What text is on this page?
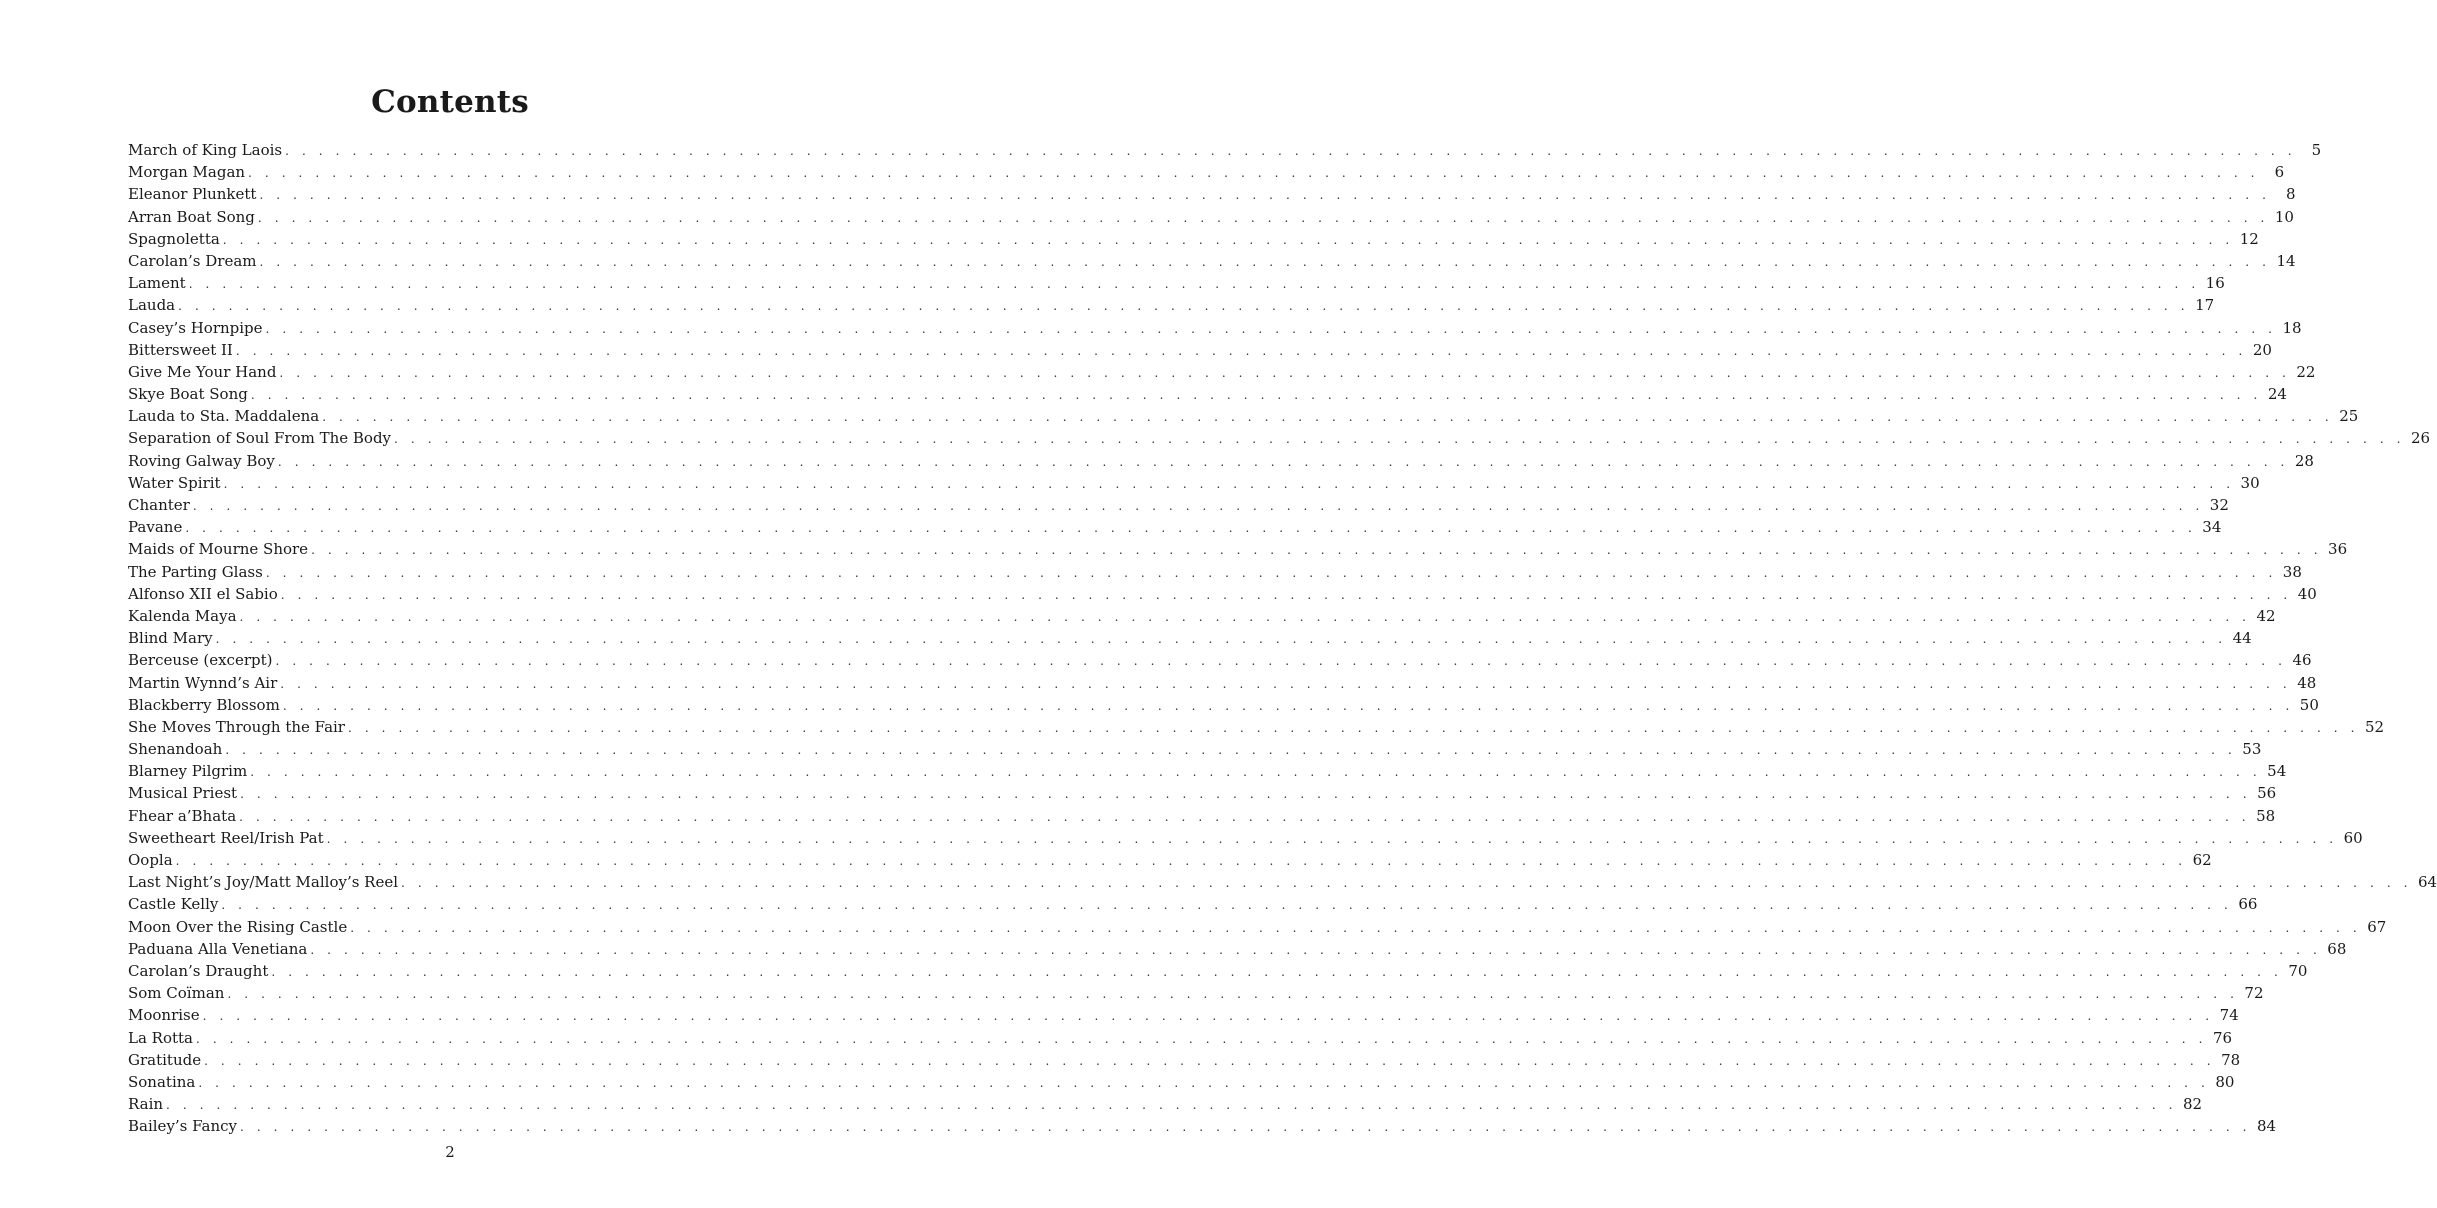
Contents
March of King Laois . . . . . . . . . . . . . . . . . . . . . . . . . . . . . . . . . . . . . . . . . . . . . . . . . . . . . . . . . . . . . . . . . . . . . . . . . . . . . . . . . . . . . . . . . . . . . . . . . . . . . . . . . . . . . . . . . . . . . . . .	5
Morgan Magan . . . . . . . . . . . . . . . . . . . . . . . . . . . . . . . . . . . . . . . . . . . . . . . . . . . . . . . . . . . . . . . . . . . . . . . . . . . . . . . . . . . . . . . . . . . . . . . . . . . . . . . . . . . . . . . . . . . . . . . .	6
Eleanor Plunkett . . . . . . . . . . . . . . . . . . . . . . . . . . . . . . . . . . . . . . . . . . . . . . . . . . . . . . . . . . . . . . . . . . . . . . . . . . . . . . . . . . . . . . . . . . . . . . . . . . . . . . . . . . . . . . . . . . . . . . . .	8
Arran Boat Song . . . . . . . . . . . . . . . . . . . . . . . . . . . . . . . . . . . . . . . . . . . . . . . . . . . . . . . . . . . . . . . . . . . . . . . . . . . . . . . . . . . . . . . . . . . . . . . . . . . . . . . . . . . . . . . . . . . . . . . . 10
Spagnoletta . . . . . . . . . . . . . . . . . . . . . . . . . . . . . . . . . . . . . . . . . . . . . . . . . . . . . . . . . . . . . . . . . . . . . . . . . . . . . . . . . . . . . . . . . . . . . . . . . . . . . . . . . . . . . . . . . . . . . . . . 12
Carolan’s Dream . . . . . . . . . . . . . . . . . . . . . . . . . . . . . . . . . . . . . . . . . . . . . . . . . . . . . . . . . . . . . . . . . . . . . . . . . . . . . . . . . . . . . . . . . . . . . . . . . . . . . . . . . . . . . . . . . . . . . . . . 14
Lament . . . . . . . . . . . . . . . . . . . . . . . . . . . . . . . . . . . . . . . . . . . . . . . . . . . . . . . . . . . . . . . . . . . . . . . . . . . . . . . . . . . . . . . . . . . . . . . . . . . . . . . . . . . . . . . . . . . . . . . . 16
Lauda . . . . . . . . . . . . . . . . . . . . . . . . . . . . . . . . . . . . . . . . . . . . . . . . . . . . . . . . . . . . . . . . . . . . . . . . . . . . . . . . . . . . . . . . . . . . . . . . . . . . . . . . . . . . . . . . . . . . . . . . 17
Casey’s Hornpipe . . . . . . . . . . . . . . . . . . . . . . . . . . . . . . . . . . . . . . . . . . . . . . . . . . . . . . . . . . . . . . . . . . . . . . . . . . . . . . . . . . . . . . . . . . . . . . . . . . . . . . . . . . . . . . . . . . . . . . . . 18
Bittersweet II . . . . . . . . . . . . . . . . . . . . . . . . . . . . . . . . . . . . . . . . . . . . . . . . . . . . . . . . . . . . . . . . . . . . . . . . . . . . . . . . . . . . . . . . . . . . . . . . . . . . . . . . . . . . . . . . . . . . . . . . 20
Give Me Your Hand . . . . . . . . . . . . . . . . . . . . . . . . . . . . . . . . . . . . . . . . . . . . . . . . . . . . . . . . . . . . . . . . . . . . . . . . . . . . . . . . . . . . . . . . . . . . . . . . . . . . . . . . . . . . . . . . . . . . . . . . 22
Skye Boat Song . . . . . . . . . . . . . . . . . . . . . . . . . . . . . . . . . . . . . . . . . . . . . . . . . . . . . . . . . . . . . . . . . . . . . . . . . . . . . . . . . . . . . . . . . . . . . . . . . . . . . . . . . . . . . . . . . . . . . . . . 24
Lauda to Sta. Maddalena . . . . . . . . . . . . . . . . . . . . . . . . . . . . . . . . . . . . . . . . . . . . . . . . . . . . . . . . . . . . . . . . . . . . . . . . . . . . . . . . . . . . . . . . . . . . . . . . . . . . . . . . . . . . . . . . . . . . . . . . 25
Separation of Soul From The Body . . . . . . . . . . . . . . . . . . . . . . . . . . . . . . . . . . . . . . . . . . . . . . . . . . . . . . . . . . . . . . . . . . . . . . . . . . . . . . . . . . . . . . . . . . . . . . . . . . . . . . . . . . . . . . . . . . . . . . . . 26
Roving Galway Boy . . . . . . . . . . . . . . . . . . . . . . . . . . . . . . . . . . . . . . . . . . . . . . . . . . . . . . . . . . . . . . . . . . . . . . . . . . . . . . . . . . . . . . . . . . . . . . . . . . . . . . . . . . . . . . . . . . . . . . . . 28
Water Spirit . . . . . . . . . . . . . . . . . . . . . . . . . . . . . . . . . . . . . . . . . . . . . . . . . . . . . . . . . . . . . . . . . . . . . . . . . . . . . . . . . . . . . . . . . . . . . . . . . . . . . . . . . . . . . . . . . . . . . . . . 30
Chanter . . . . . . . . . . . . . . . . . . . . . . . . . . . . . . . . . . . . . . . . . . . . . . . . . . . . . . . . . . . . . . . . . . . . . . . . . . . . . . . . . . . . . . . . . . . . . . . . . . . . . . . . . . . . . . . . . . . . . . . . 32
Pavane . . . . . . . . . . . . . . . . . . . . . . . . . . . . . . . . . . . . . . . . . . . . . . . . . . . . . . . . . . . . . . . . . . . . . . . . . . . . . . . . . . . . . . . . . . . . . . . . . . . . . . . . . . . . . . . . . . . . . . . . 34
Maids of Mourne Shore . . . . . . . . . . . . . . . . . . . . . . . . . . . . . . . . . . . . . . . . . . . . . . . . . . . . . . . . . . . . . . . . . . . . . . . . . . . . . . . . . . . . . . . . . . . . . . . . . . . . . . . . . . . . . . . . . . . . . . . . 36
The Parting Glass . . . . . . . . . . . . . . . . . . . . . . . . . . . . . . . . . . . . . . . . . . . . . . . . . . . . . . . . . . . . . . . . . . . . . . . . . . . . . . . . . . . . . . . . . . . . . . . . . . . . . . . . . . . . . . . . . . . . . . . . 38
Alfonso XII el Sabio . . . . . . . . . . . . . . . . . . . . . . . . . . . . . . . . . . . . . . . . . . . . . . . . . . . . . . . . . . . . . . . . . . . . . . . . . . . . . . . . . . . . . . . . . . . . . . . . . . . . . . . . . . . . . . . . . . . . . . . . 40
Kalenda Maya . . . . . . . . . . . . . . . . . . . . . . . . . . . . . . . . . . . . . . . . . . . . . . . . . . . . . . . . . . . . . . . . . . . . . . . . . . . . . . . . . . . . . . . . . . . . . . . . . . . . . . . . . . . . . . . . . . . . . . . . 42
Blind Mary . . . . . . . . . . . . . . . . . . . . . . . . . . . . . . . . . . . . . . . . . . . . . . . . . . . . . . . . . . . . . . . . . . . . . . . . . . . . . . . . . . . . . . . . . . . . . . . . . . . . . . . . . . . . . . . . . . . . . . . . 44
Berceuse (excerpt) . . . . . . . . . . . . . . . . . . . . . . . . . . . . . . . . . . . . . . . . . . . . . . . . . . . . . . . . . . . . . . . . . . . . . . . . . . . . . . . . . . . . . . . . . . . . . . . . . . . . . . . . . . . . . . . . . . . . . . . . 46
Martin Wynnd’s Air . . . . . . . . . . . . . . . . . . . . . . . . . . . . . . . . . . . . . . . . . . . . . . . . . . . . . . . . . . . . . . . . . . . . . . . . . . . . . . . . . . . . . . . . . . . . . . . . . . . . . . . . . . . . . . . . . . . . . . . . 48
Blackberry Blossom . . . . . . . . . . . . . . . . . . . . . . . . . . . . . . . . . . . . . . . . . . . . . . . . . . . . . . . . . . . . . . . . . . . . . . . . . . . . . . . . . . . . . . . . . . . . . . . . . . . . . . . . . . . . . . . . . . . . . . . . 50
She Moves Through the Fair . . . . . . . . . . . . . . . . . . . . . . . . . . . . . . . . . . . . . . . . . . . . . . . . . . . . . . . . . . . . . . . . . . . . . . . . . . . . . . . . . . . . . . . . . . . . . . . . . . . . . . . . . . . . . . . . . . . . . . . . 52
Shenandoah . . . . . . . . . . . . . . . . . . . . . . . . . . . . . . . . . . . . . . . . . . . . . . . . . . . . . . . . . . . . . . . . . . . . . . . . . . . . . . . . . . . . . . . . . . . . . . . . . . . . . . . . . . . . . . . . . . . . . . . . 53
Blarney Pilgrim . . . . . . . . . . . . . . . . . . . . . . . . . . . . . . . . . . . . . . . . . . . . . . . . . . . . . . . . . . . . . . . . . . . . . . . . . . . . . . . . . . . . . . . . . . . . . . . . . . . . . . . . . . . . . . . . . . . . . . . . 54
Musical Priest . . . . . . . . . . . . . . . . . . . . . . . . . . . . . . . . . . . . . . . . . . . . . . . . . . . . . . . . . . . . . . . . . . . . . . . . . . . . . . . . . . . . . . . . . . . . . . . . . . . . . . . . . . . . . . . . . . . . . . . . 56
Fhear a’Bhata . . . . . . . . . . . . . . . . . . . . . . . . . . . . . . . . . . . . . . . . . . . . . . . . . . . . . . . . . . . . . . . . . . . . . . . . . . . . . . . . . . . . . . . . . . . . . . . . . . . . . . . . . . . . . . . . . . . . . . . . 58
Sweetheart Reel/Irish Pat . . . . . . . . . . . . . . . . . . . . . . . . . . . . . . . . . . . . . . . . . . . . . . . . . . . . . . . . . . . . . . . . . . . . . . . . . . . . . . . . . . . . . . . . . . . . . . . . . . . . . . . . . . . . . . . . . . . . . . . . 60
Oopla . . . . . . . . . . . . . . . . . . . . . . . . . . . . . . . . . . . . . . . . . . . . . . . . . . . . . . . . . . . . . . . . . . . . . . . . . . . . . . . . . . . . . . . . . . . . . . . . . . . . . . . . . . . . . . . . . . . . . . . . 62
Last Night’s Joy/Matt Malloy’s Reel . . . . . . . . . . . . . . . . . . . . . . . . . . . . . . . . . . . . . . . . . . . . . . . . . . . . . . . . . . . . . . . . . . . . . . . . . . . . . . . . . . . . . . . . . . . . . . . . . . . . . . . . . . . . . . . . . . . . . . . . 64
Castle Kelly . . . . . . . . . . . . . . . . . . . . . . . . . . . . . . . . . . . . . . . . . . . . . . . . . . . . . . . . . . . . . . . . . . . . . . . . . . . . . . . . . . . . . . . . . . . . . . . . . . . . . . . . . . . . . . . . . . . . . . . . 66
Moon Over the Rising Castle . . . . . . . . . . . . . . . . . . . . . . . . . . . . . . . . . . . . . . . . . . . . . . . . . . . . . . . . . . . . . . . . . . . . . . . . . . . . . . . . . . . . . . . . . . . . . . . . . . . . . . . . . . . . . . . . . . . . . . . . 67
Paduana Alla Venetiana . . . . . . . . . . . . . . . . . . . . . . . . . . . . . . . . . . . . . . . . . . . . . . . . . . . . . . . . . . . . . . . . . . . . . . . . . . . . . . . . . . . . . . . . . . . . . . . . . . . . . . . . . . . . . . . . . . . . . . . . 68
Carolan’s Draught . . . . . . . . . . . . . . . . . . . . . . . . . . . . . . . . . . . . . . . . . . . . . . . . . . . . . . . . . . . . . . . . . . . . . . . . . . . . . . . . . . . . . . . . . . . . . . . . . . . . . . . . . . . . . . . . . . . . . . . . 70
Som Coïman . . . . . . . . . . . . . . . . . . . . . . . . . . . . . . . . . . . . . . . . . . . . . . . . . . . . . . . . . . . . . . . . . . . . . . . . . . . . . . . . . . . . . . . . . . . . . . . . . . . . . . . . . . . . . . . . . . . . . . . . 72
Moonrise . . . . . . . . . . . . . . . . . . . . . . . . . . . . . . . . . . . . . . . . . . . . . . . . . . . . . . . . . . . . . . . . . . . . . . . . . . . . . . . . . . . . . . . . . . . . . . . . . . . . . . . . . . . . . . . . . . . . . . . . 74
La Rotta . . . . . . . . . . . . . . . . . . . . . . . . . . . . . . . . . . . . . . . . . . . . . . . . . . . . . . . . . . . . . . . . . . . . . . . . . . . . . . . . . . . . . . . . . . . . . . . . . . . . . . . . . . . . . . . . . . . . . . . . 76
Gratitude . . . . . . . . . . . . . . . . . . . . . . . . . . . . . . . . . . . . . . . . . . . . . . . . . . . . . . . . . . . . . . . . . . . . . . . . . . . . . . . . . . . . . . . . . . . . . . . . . . . . . . . . . . . . . . . . . . . . . . . . 78
Sonatina . . . . . . . . . . . . . . . . . . . . . . . . . . . . . . . . . . . . . . . . . . . . . . . . . . . . . . . . . . . . . . . . . . . . . . . . . . . . . . . . . . . . . . . . . . . . . . . . . . . . . . . . . . . . . . . . . . . . . . . . 80
Rain . . . . . . . . . . . . . . . . . . . . . . . . . . . . . . . . . . . . . . . . . . . . . . . . . . . . . . . . . . . . . . . . . . . . . . . . . . . . . . . . . . . . . . . . . . . . . . . . . . . . . . . . . . . . . . . . . . . . . . . . 82
Bailey’s Fancy . . . . . . . . . . . . . . . . . . . . . . . . . . . . . . . . . . . . . . . . . . . . . . . . . . . . . . . . . . . . . . . . . . . . . . . . . . . . . . . . . . . . . . . . . . . . . . . . . . . . . . . . . . . . . . . . . . . . . . . . 84
2
